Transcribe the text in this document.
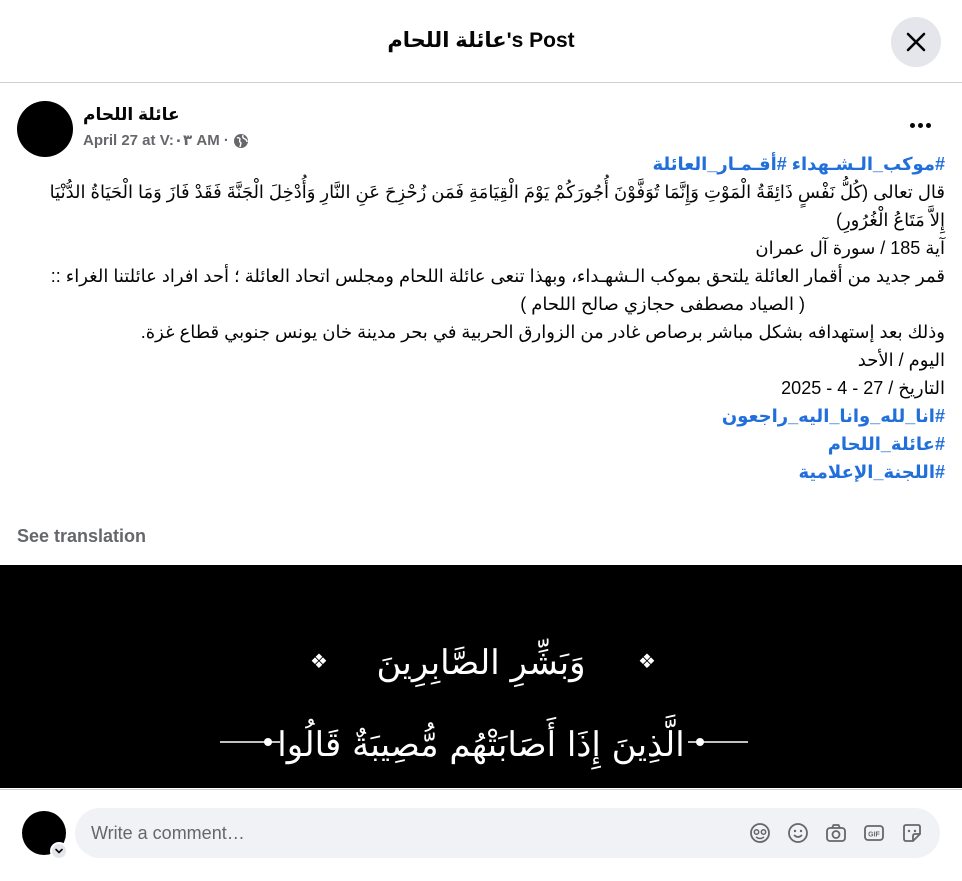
عائلة اللحام's Post
عائلة اللحام
April 27 at V:٠٣ AM ·
#موكب_الـشـهداء #أقـمـار_العائلة
قال تعالى (كُلُّ نَفْسٍ ذَائِقَةُ الْمَوْتِ وَإِنَّمَا تُوَفَّوْنَ أُجُورَكُمْ يَوْمَ الْقِيَامَةِ فَمَن زُحْزِحَ عَنِ النَّارِ وَأُدْخِلَ الْجَنَّةَ فَقَدْ فَازَ وَمَا الْحَيَاةُ الدُّنْيَا إِلاَّ مَتَاعُ الْغُرُورِ)
آية 185 / سورة آل عمران
قمر جديد من أقمار العائلة يلتحق بموكب الـشهـداء، وبهذا تنعى عائلة اللحام ومجلس اتحاد العائلة ؛ أحد افراد عائلتنا الغراء ::
( الصياد مصطفى حجازي صالح اللحام )
وذلك بعد إستهدافه بشكل مباشر برصاص غادر من الزوارق الحربية في بحر مدينة خان يونس جنوبي قطاع غزة.
اليوم / الأحد
التاريخ / 27 - 4 - 2025
#انا_لله_وانا_اليه_راجعون
#عائلة_اللحام
#اللجنة_الإعلامية
See translation
❖	❖
وَبَشِّرِ الصَّابِرِينَ
الَّذِينَ إِذَا أَصَابَتْهُم مُّصِيبَةٌ قَالُوا
Write a comment…	GIF
